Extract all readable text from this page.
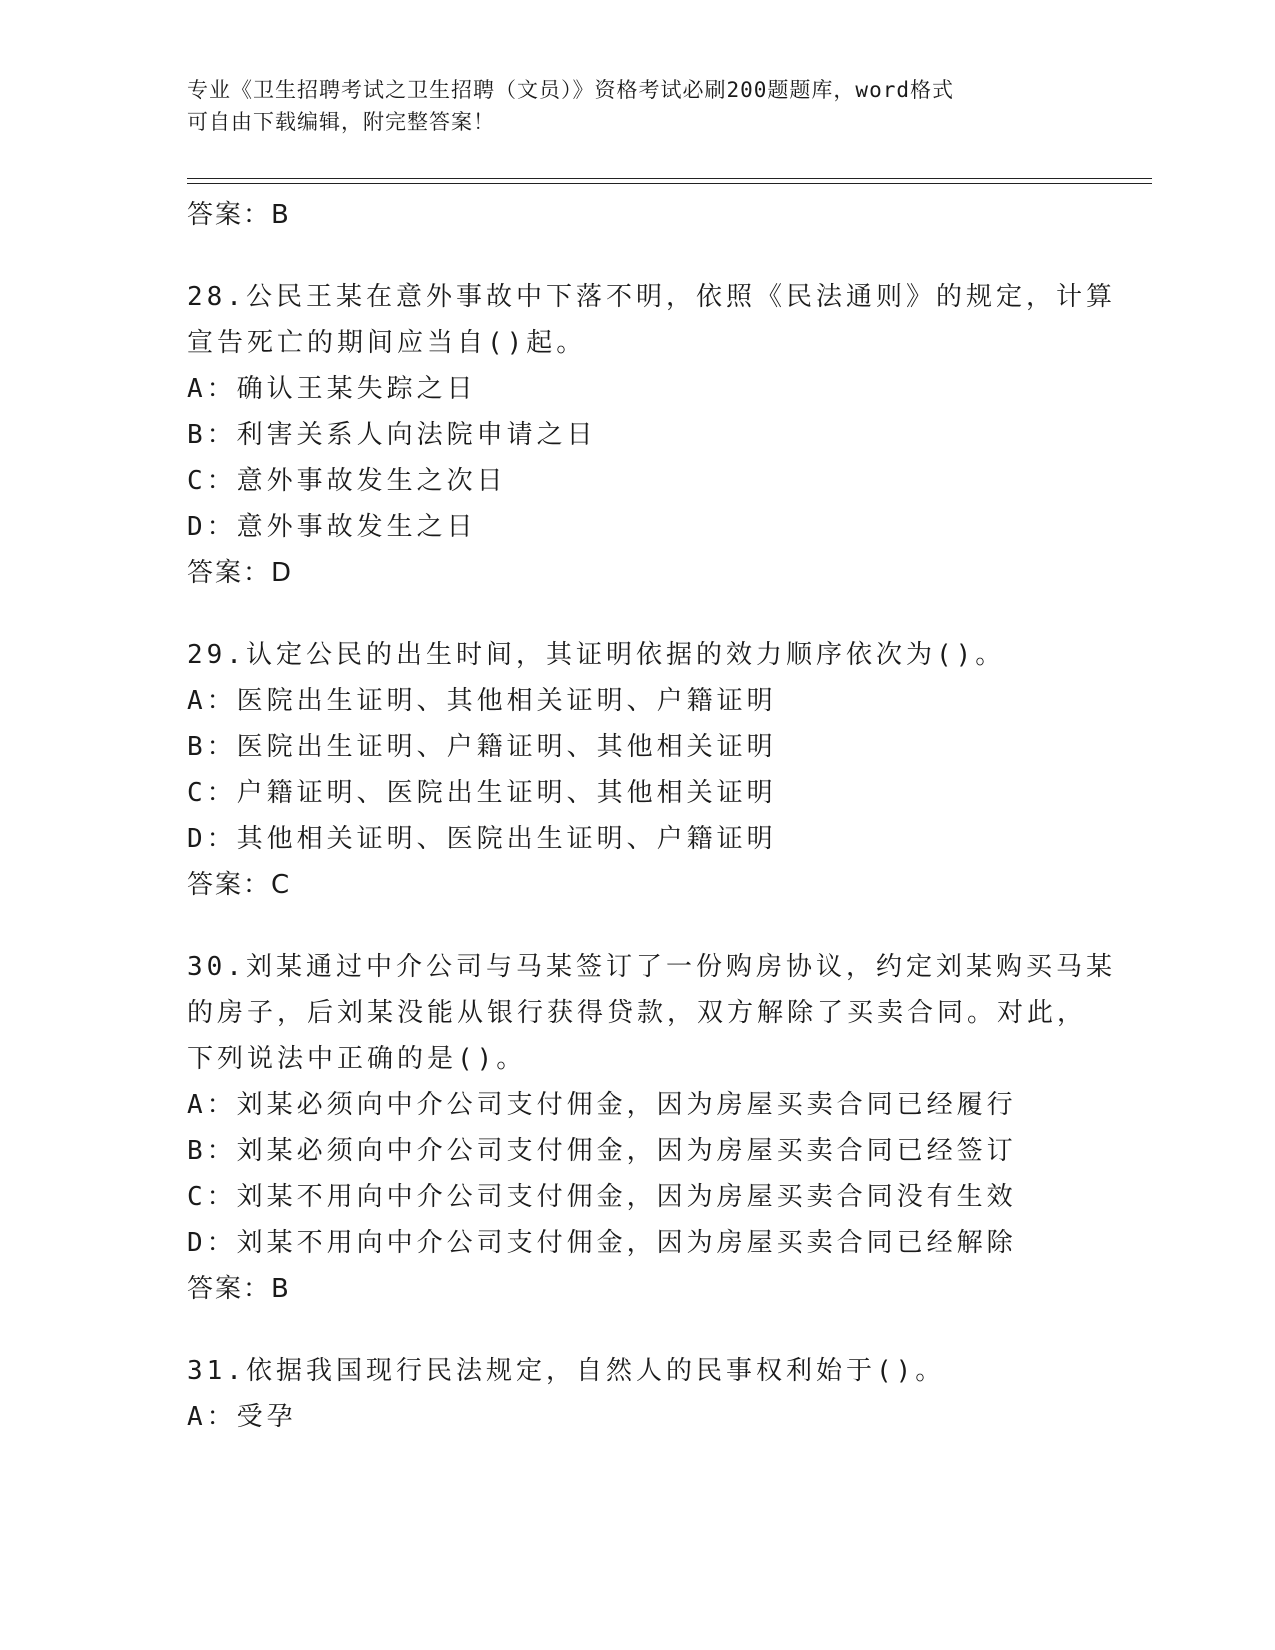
专业《卫生招聘考试之卫生招聘（文员）》资格考试必刷200题题库，word格式
可自由下载编辑，附完整答案！
答案：B
28.公民王某在意外事故中下落不明，依照《民法通则》的规定，计算
宣告死亡的期间应当自()起。
A：确认王某失踪之日
B：利害关系人向法院申请之日
C：意外事故发生之次日
D：意外事故发生之日
答案：D
29.认定公民的出生时间，其证明依据的效力顺序依次为()。
A：医院出生证明、其他相关证明、户籍证明
B：医院出生证明、户籍证明、其他相关证明
C：户籍证明、医院出生证明、其他相关证明
D：其他相关证明、医院出生证明、户籍证明
答案：C
30.刘某通过中介公司与马某签订了一份购房协议，约定刘某购买马某
的房子，后刘某没能从银行获得贷款，双方解除了买卖合同。对此，
下列说法中正确的是()。
A：刘某必须向中介公司支付佣金，因为房屋买卖合同已经履行
B：刘某必须向中介公司支付佣金，因为房屋买卖合同已经签订
C：刘某不用向中介公司支付佣金，因为房屋买卖合同没有生效
D：刘某不用向中介公司支付佣金，因为房屋买卖合同已经解除
答案：B
31.依据我国现行民法规定，自然人的民事权利始于()。
A：受孕
